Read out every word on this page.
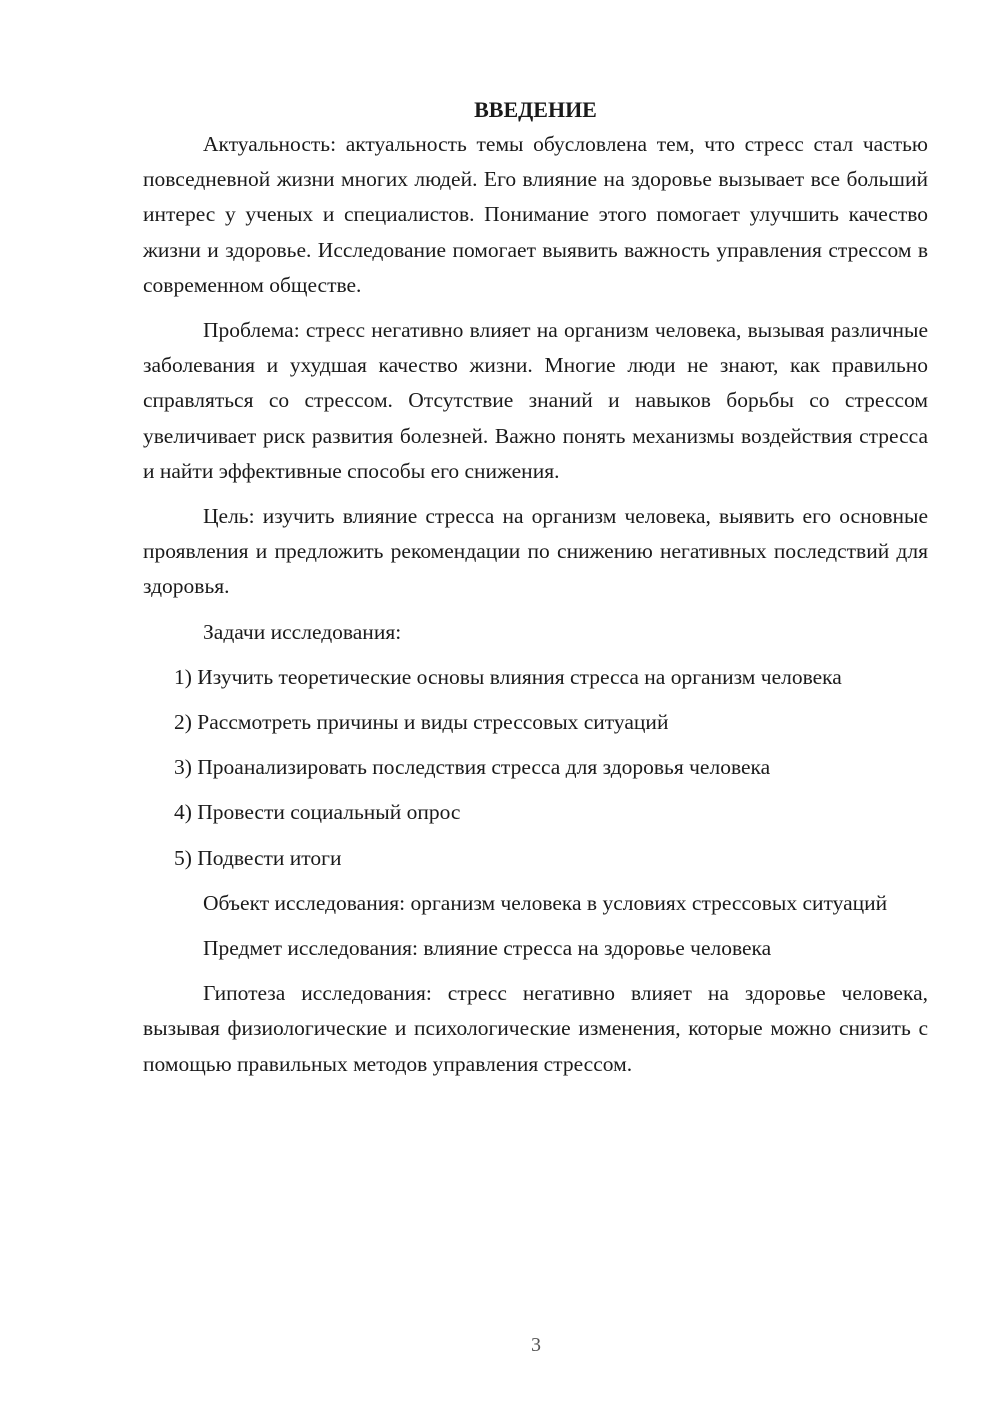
ВВЕДЕНИЕ

Актуальность: актуальность темы обусловлена тем, что стресс стал частью повседневной жизни многих людей. Его влияние на здоровье вызывает все больший интерес у ученых и специалистов. Понимание этого помогает улучшить качество жизни и здоровье. Исследование помогает выявить важность управления стрессом в современном обществе.

Проблема: стресс негативно влияет на организм человека, вызывая различные заболевания и ухудшая качество жизни. Многие люди не знают, как правильно справляться со стрессом. Отсутствие знаний и навыков борьбы со стрессом увеличивает риск развития болезней. Важно понять механизмы воздействия стресса и найти эффективные способы его снижения.

Цель: изучить влияние стресса на организм человека, выявить его основные проявления и предложить рекомендации по снижению негативных последствий для здоровья.

Задачи исследования:

1) Изучить теоретические основы влияния стресса на организм человека

2) Рассмотреть причины и виды стрессовых ситуаций

3) Проанализировать последствия стресса для здоровья человека

4) Провести социальный опрос

5) Подвести итоги

Объект исследования: организм человека в условиях стрессовых ситуаций

Предмет исследования: влияние стресса на здоровье человека

Гипотеза исследования: стресс негативно влияет на здоровье человека, вызывая физиологические и психологические изменения, которые можно снизить с помощью правильных методов управления стрессом.

3
